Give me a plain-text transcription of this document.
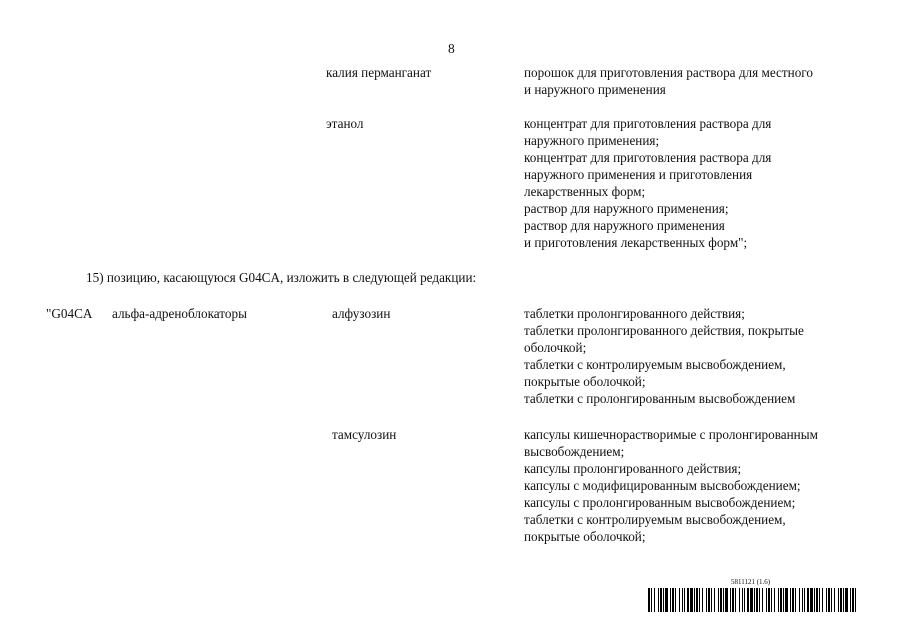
8
калия перманганат	порошок для приготовления раствора для местного
и наружного применения
этанол	концентрат для приготовления раствора для
наружного применения;
концентрат для приготовления раствора для
наружного применения и приготовления
лекарственных форм;
раствор для наружного применения;
раствор для наружного применения
и приготовления лекарственных форм";
15) позицию, касающуюся G04CA, изложить в следующей редакции:
"G04CA альфа-адреноблокаторы	алфузозин	таблетки пролонгированного действия;
таблетки пролонгированного действия, покрытые
оболочкой;
таблетки с контролируемым высвобождением,
покрытые оболочкой;
таблетки с пролонгированным высвобождением
тамсулозин	капсулы кишечнорастворимые с пролонгированным
высвобождением;
капсулы пролонгированного действия;
капсулы с модифицированным высвобождением;
капсулы с пролонгированным высвобождением;
таблетки с контролируемым высвобождением,
покрытые оболочкой;
5811121 (1.6)
